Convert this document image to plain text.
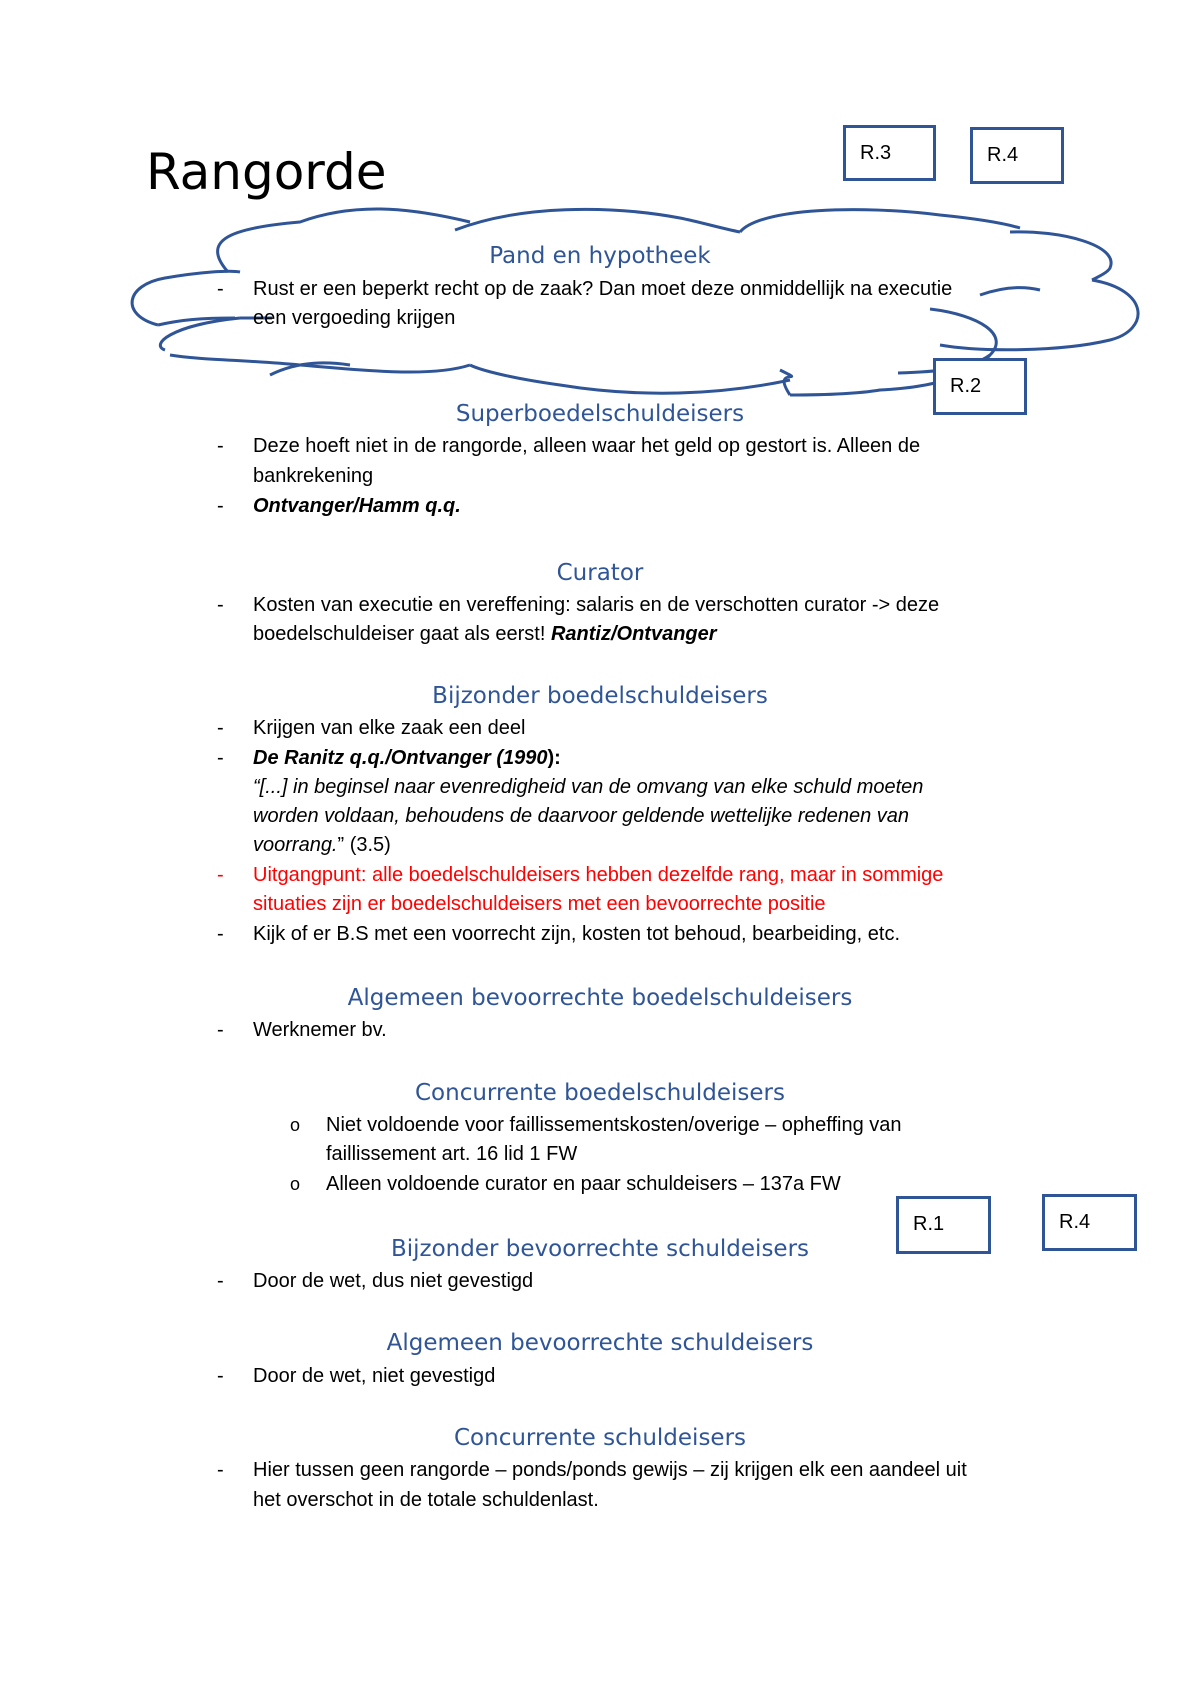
Rangorde	R.3	R.4
R.2
R.1	R.4
Pand en hypotheek
- Rust er een beperkt recht op de zaak? Dan moet deze onmiddellijk na executie
een vergoeding krijgen
Superboedelschuldeisers
- Deze hoeft niet in de rangorde, alleen waar het geld op gestort is. Alleen de
bankrekening
- Ontvanger/Hamm q.q.
Curator
- Kosten van executie en vereffening: salaris en de verschotten curator -> deze
boedelschuldeiser gaat als eerst! Rantiz/Ontvanger
Bijzonder boedelschuldeisers
- Krijgen van elke zaak een deel
- De Ranitz q.q./Ontvanger (1990):
“[...] in beginsel naar evenredigheid van de omvang van elke schuld moeten
worden voldaan, behoudens de daarvoor geldende wettelijke redenen van
voorrang.” (3.5)
- Uitgangpunt: alle boedelschuldeisers hebben dezelfde rang, maar in sommige
situaties zijn er boedelschuldeisers met een bevoorrechte positie
- Kijk of er B.S met een voorrecht zijn, kosten tot behoud, bearbeiding, etc.
Algemeen bevoorrechte boedelschuldeisers
- Werknemer bv.
Concurrente boedelschuldeisers
o Niet voldoende voor faillissementskosten/overige – opheffing van
faillissement art. 16 lid 1 FW
o Alleen voldoende curator en paar schuldeisers – 137a FW
Bijzonder bevoorrechte schuldeisers
- Door de wet, dus niet gevestigd
Algemeen bevoorrechte schuldeisers
- Door de wet, niet gevestigd
Concurrente schuldeisers
- Hier tussen geen rangorde – ponds/ponds gewijs – zij krijgen elk een aandeel uit
het overschot in de totale schuldenlast.
